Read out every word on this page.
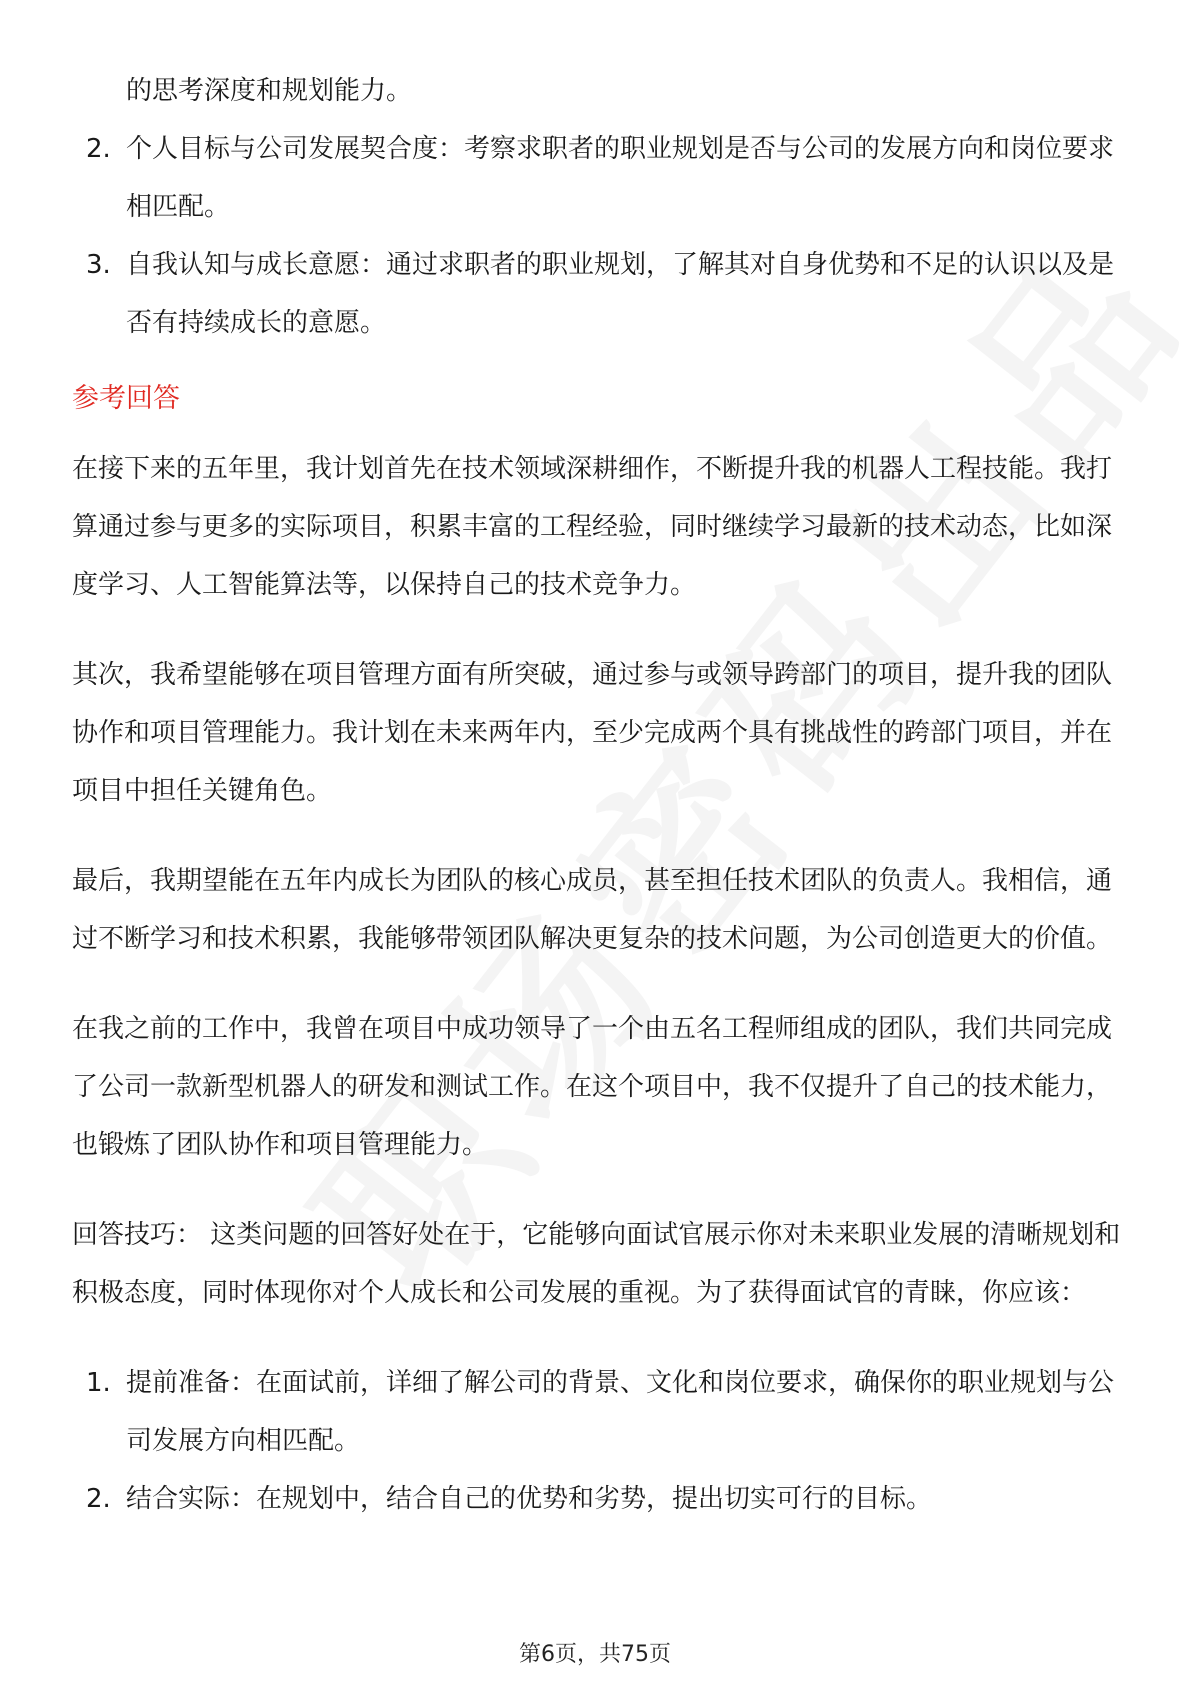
的思考深度和规划能力。
2. 个人目标与公司发展契合度：考察求职者的职业规划是否与公司的发展方向和岗位要求相匹配。
3. 自我认知与成长意愿：通过求职者的职业规划，了解其对自身优势和不足的认识以及是否有持续成长的意愿。
参考回答

在接下来的五年里，我计划首先在技术领域深耕细作，不断提升我的机器人工程技能。我打算通过参与更多的实际项目，积累丰富的工程经验，同时继续学习最新的技术动态，比如深度学习、人工智能算法等，以保持自己的技术竞争力。

其次，我希望能够在项目管理方面有所突破，通过参与或领导跨部门的项目，提升我的团队协作和项目管理能力。我计划在未来两年内，至少完成两个具有挑战性的跨部门项目，并在项目中担任关键角色。

最后，我期望能在五年内成长为团队的核心成员，甚至担任技术团队的负责人。我相信，通过不断学习和技术积累，我能够带领团队解决更复杂的技术问题，为公司创造更大的价值。

在我之前的工作中，我曾在项目中成功领导了一个由五名工程师组成的团队，我们共同完成了公司一款新型机器人的研发和测试工作。在这个项目中，我不仅提升了自己的技术能力，也锻炼了团队协作和项目管理能力。

回答技巧： 这类问题的回答好处在于，它能够向面试官展示你对未来职业发展的清晰规划和积极态度，同时体现你对个人成长和公司发展的重视。为了获得面试官的青睐，你应该：

1. 提前准备：在面试前，详细了解公司的背景、文化和岗位要求，确保你的职业规划与公司发展方向相匹配。
2. 结合实际：在规划中，结合自己的优势和劣势，提出切实可行的目标。
第6页，共75页
